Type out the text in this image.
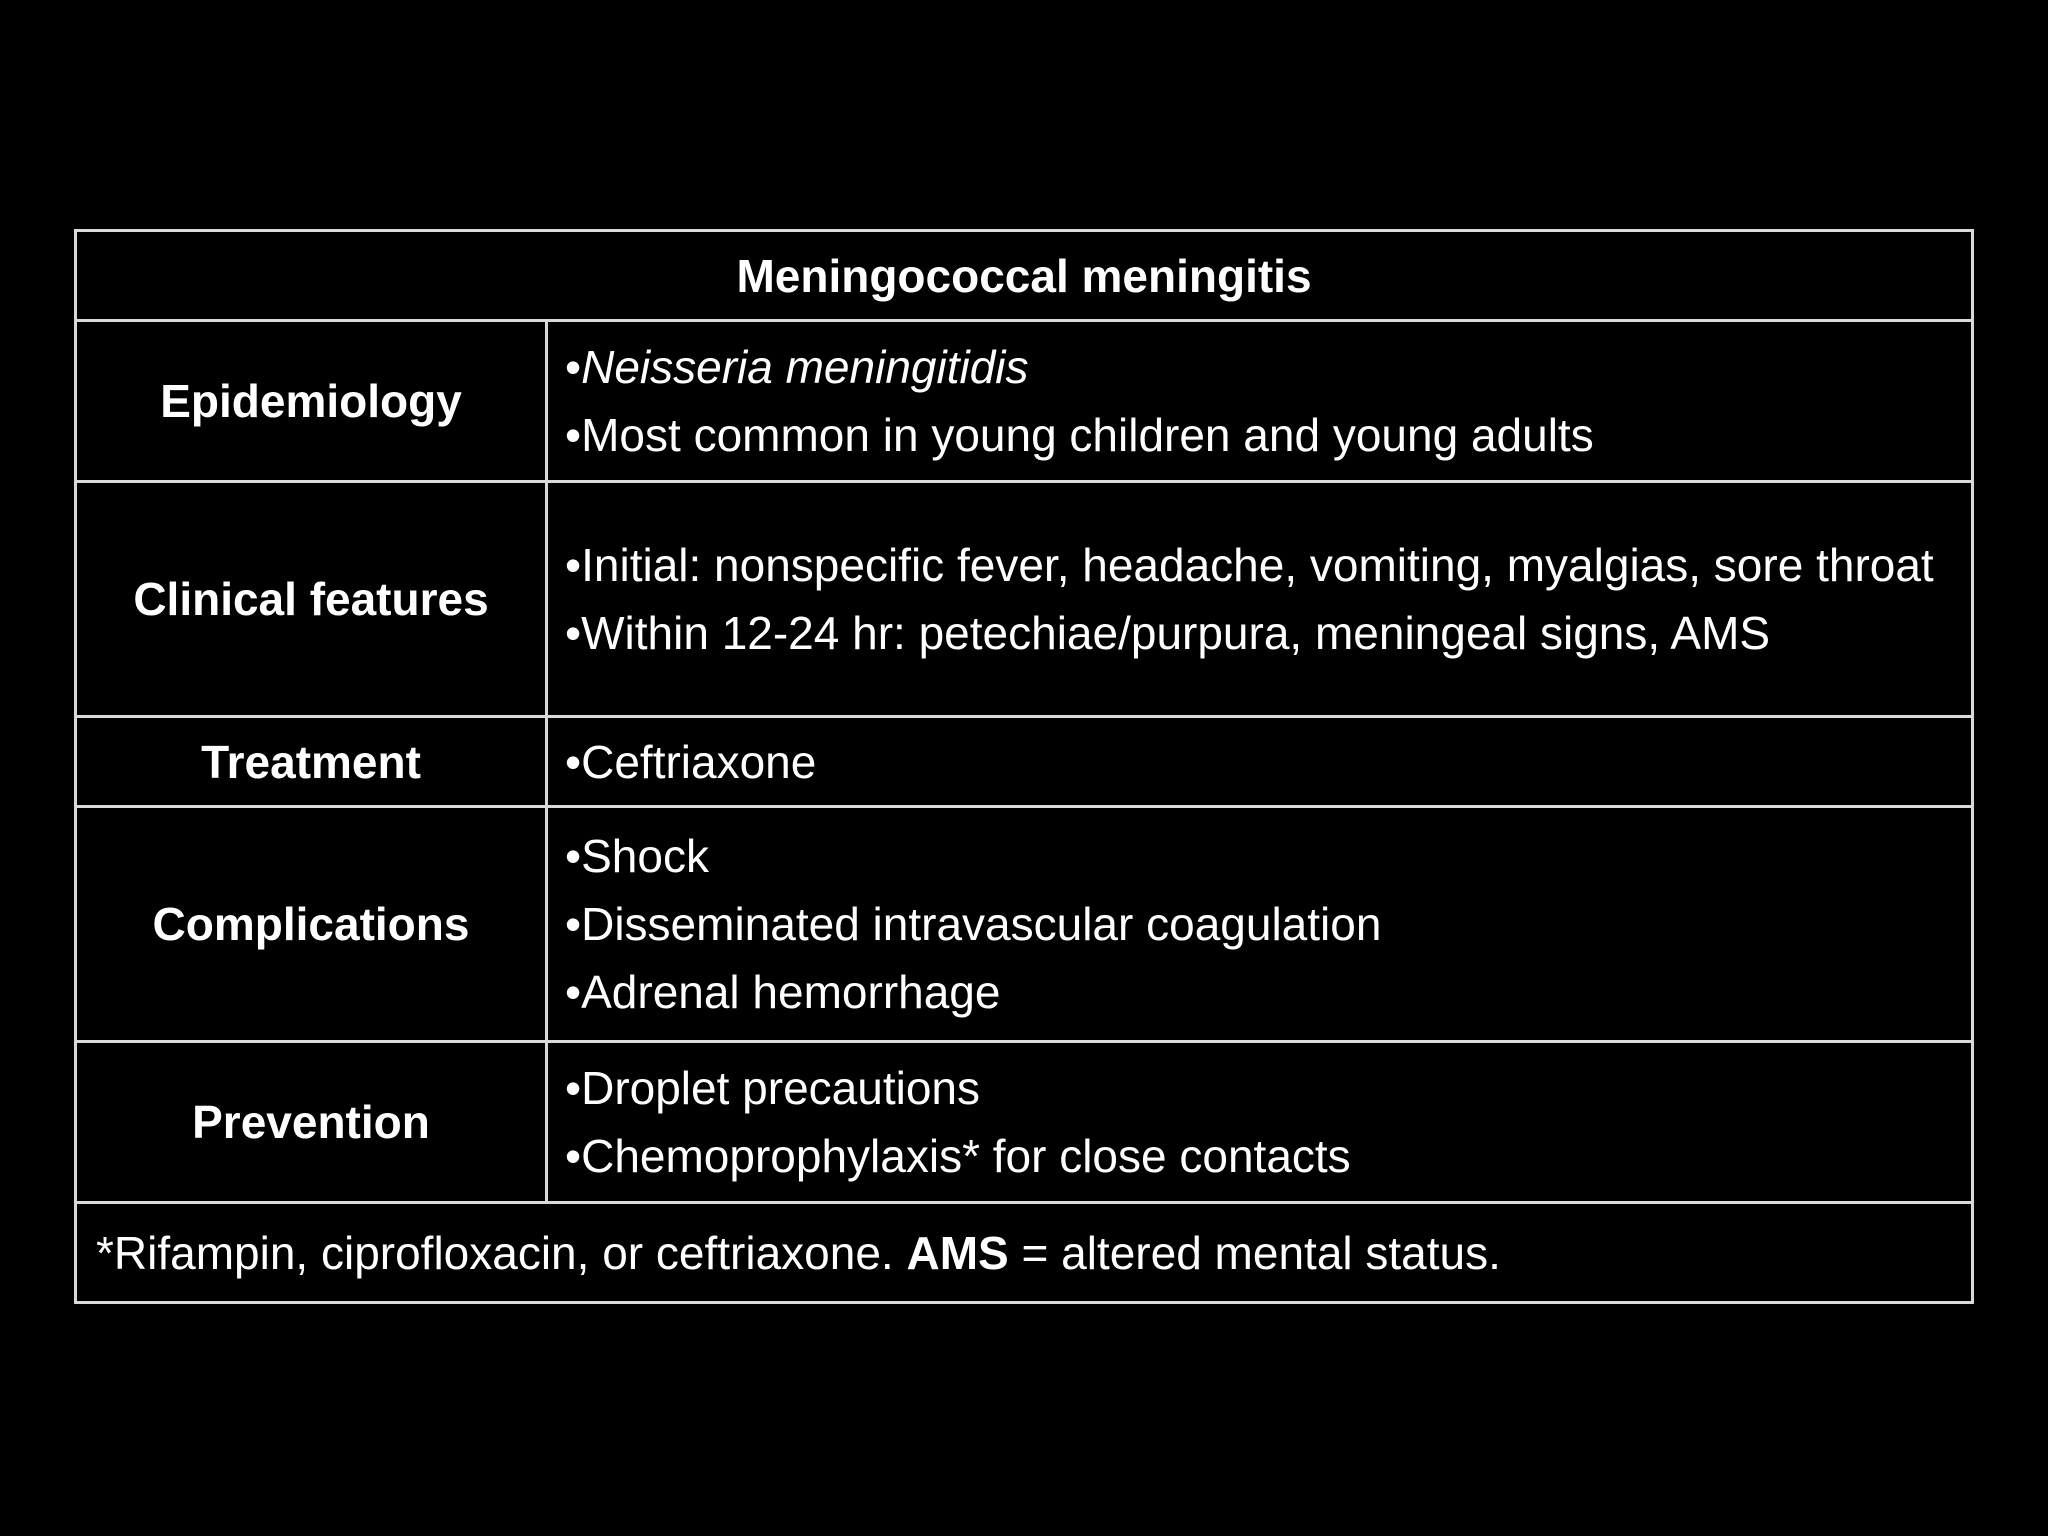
Meningococcal meningitis	
Epidemiology	•Neisseria meningitidis
•Most common in young children and young adults

Clinical features	•Initial: nonspecific fever, headache, vomiting, myalgias, sore throat
•Within 12-24 hr: petechiae/purpura, meningeal signs, AMS

Treatment	•Ceftriaxone

Complications	•Shock
•Disseminated intravascular coagulation
•Adrenal hemorrhage

Prevention	•Droplet precautions
•Chemoprophylaxis* for close contacts

*Rifampin, ciprofloxacin, or ceftriaxone. AMS = altered mental status.	
